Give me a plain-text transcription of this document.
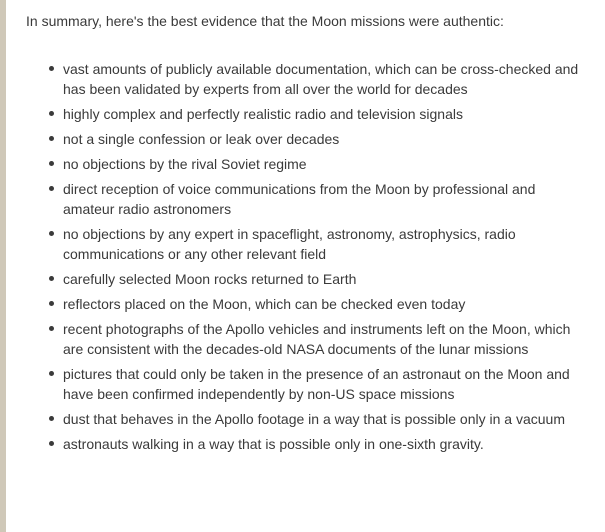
In summary, here's the best evidence that the Moon missions were authentic:

vast amounts of publicly available documentation, which can be cross-checked and has been validated by experts from all over the world for decades
highly complex and perfectly realistic radio and television signals
not a single confession or leak over decades
no objections by the rival Soviet regime
direct reception of voice communications from the Moon by professional and amateur radio astronomers
no objections by any expert in spaceflight, astronomy, astrophysics, radio communications or any other relevant field
carefully selected Moon rocks returned to Earth
reflectors placed on the Moon, which can be checked even today
recent photographs of the Apollo vehicles and instruments left on the Moon, which are consistent with the decades-old NASA documents of the lunar missions
pictures that could only be taken in the presence of an astronaut on the Moon and have been confirmed independently by non-US space missions
dust that behaves in the Apollo footage in a way that is possible only in a vacuum
astronauts walking in a way that is possible only in one-sixth gravity.
